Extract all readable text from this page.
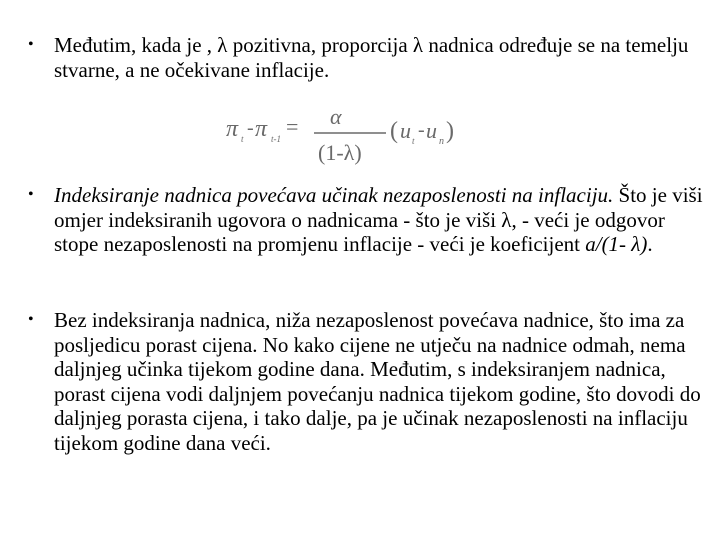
• Međutim, kada je , λ pozitivna, proporcija λ nadnica određuje se na temelju stvarne, a ne očekivane inflacije.
π t - π t-1 = α
(1-λ)
( u t - u n )
• Indeksiranje nadnica povećava učinak nezaposlenosti na inflaciju. Što je viši omjer indeksiranih ugovora o nadnicama - što je viši λ, - veći je odgovor stope nezaposlenosti na promjenu inflacije - veći je koeficijent a/(1- λ).
• Bez indeksiranja nadnica, niža nezaposlenost povećava nadnice, što ima za posljedicu porast cijena. No kako cijene ne utječu na nadnice odmah, nema daljnjeg učinka tijekom godine dana. Međutim, s indeksiranjem nadnica, porast cijena vodi daljnjem povećanju nadnica tijekom godine, što dovodi do daljnjeg porasta cijena, i tako dalje, pa je učinak nezaposlenosti na inflaciju tijekom godine dana veći.
